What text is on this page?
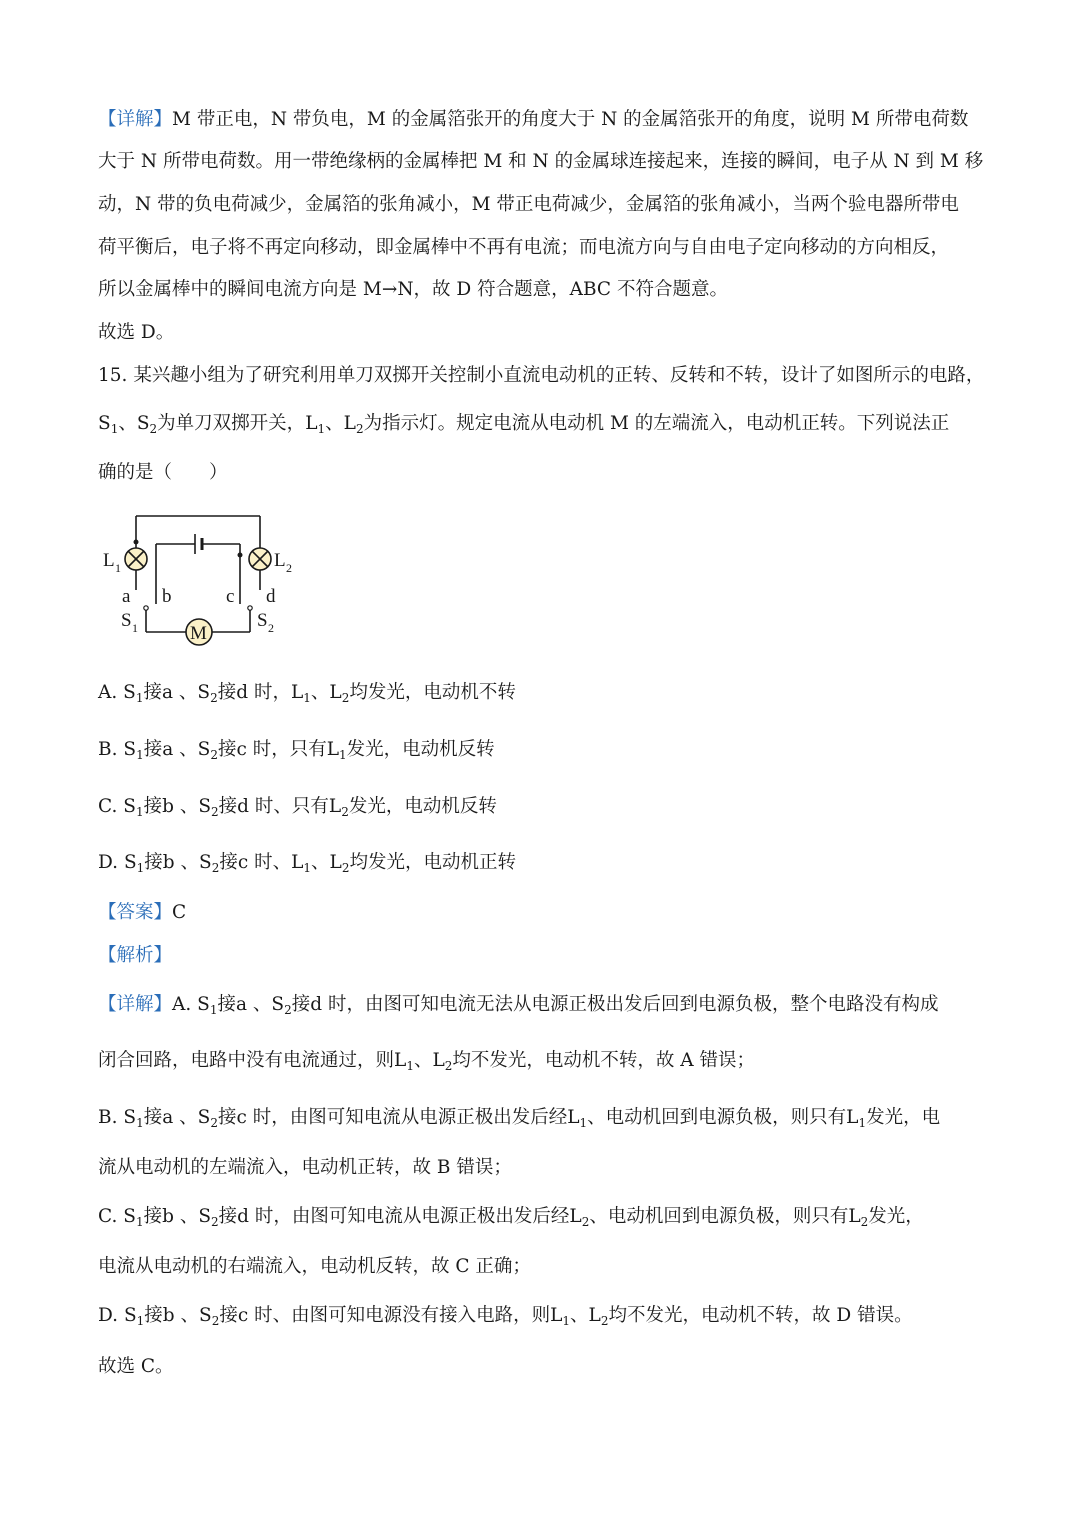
【详解】M 带正电，N 带负电，M 的金属箔张开的角度大于 N 的金属箔张开的角度，说明 M 所带电荷数
大于 N 所带电荷数。用一带绝缘柄的金属棒把 M 和 N 的金属球连接起来，连接的瞬间，电子从 N 到 M 移
动，N 带的负电荷减少，金属箔的张角减小，M 带正电荷减少，金属箔的张角减小，当两个验电器所带电
荷平衡后，电子将不再定向移动，即金属棒中不再有电流；而电流方向与自由电子定向移动的方向相反，
所以金属棒中的瞬间电流方向是 M→N，故 D 符合题意，ABC 不符合题意。
故选 D。
15. 某兴趣小组为了研究利用单刀双掷开关控制小直流电动机的正转、反转和不转，设计了如图所示的电路，
$S_1$、$S_2$为单刀双掷开关，$L_1$、$L_2$为指示灯。规定电流从电动机 M 的左端流入，电动机正转。下列说法正
确的是（　　）
M
L 1	L 2
a b	c d
S 1	S 2
A. $S_1$接a 、$S_2$接d 时，$L_1$、$L_2$均发光，电动机不转
B. $S_1$接a 、$S_2$接c 时，只有$L_1$发光，电动机反转
C. $S_1$接b 、$S_2$接d 时、只有$L_2$发光，电动机反转
D. $S_1$接b 、$S_2$接c 时、$L_1$、$L_2$均发光，电动机正转
【答案】C
【解析】
【详解】A. $S_1$接a 、$S_2$接d 时，由图可知电流无法从电源正极出发后回到电源负极，整个电路没有构成
闭合回路，电路中没有电流通过，则$L_1$、$L_2$均不发光，电动机不转，故 A 错误；
B. $S_1$接a 、$S_2$接c 时，由图可知电流从电源正极出发后经$L_1$、电动机回到电源负极，则只有$L_1$发光，电
流从电动机的左端流入，电动机正转，故 B 错误；
C. $S_1$接b 、$S_2$接d 时，由图可知电流从电源正极出发后经$L_2$、电动机回到电源负极，则只有$L_2$发光，
电流从电动机的右端流入，电动机反转，故 C 正确；
D. $S_1$接b 、$S_2$接c 时、由图可知电源没有接入电路，则$L_1$、$L_2$均不发光，电动机不转，故 D 错误。
故选 C。
